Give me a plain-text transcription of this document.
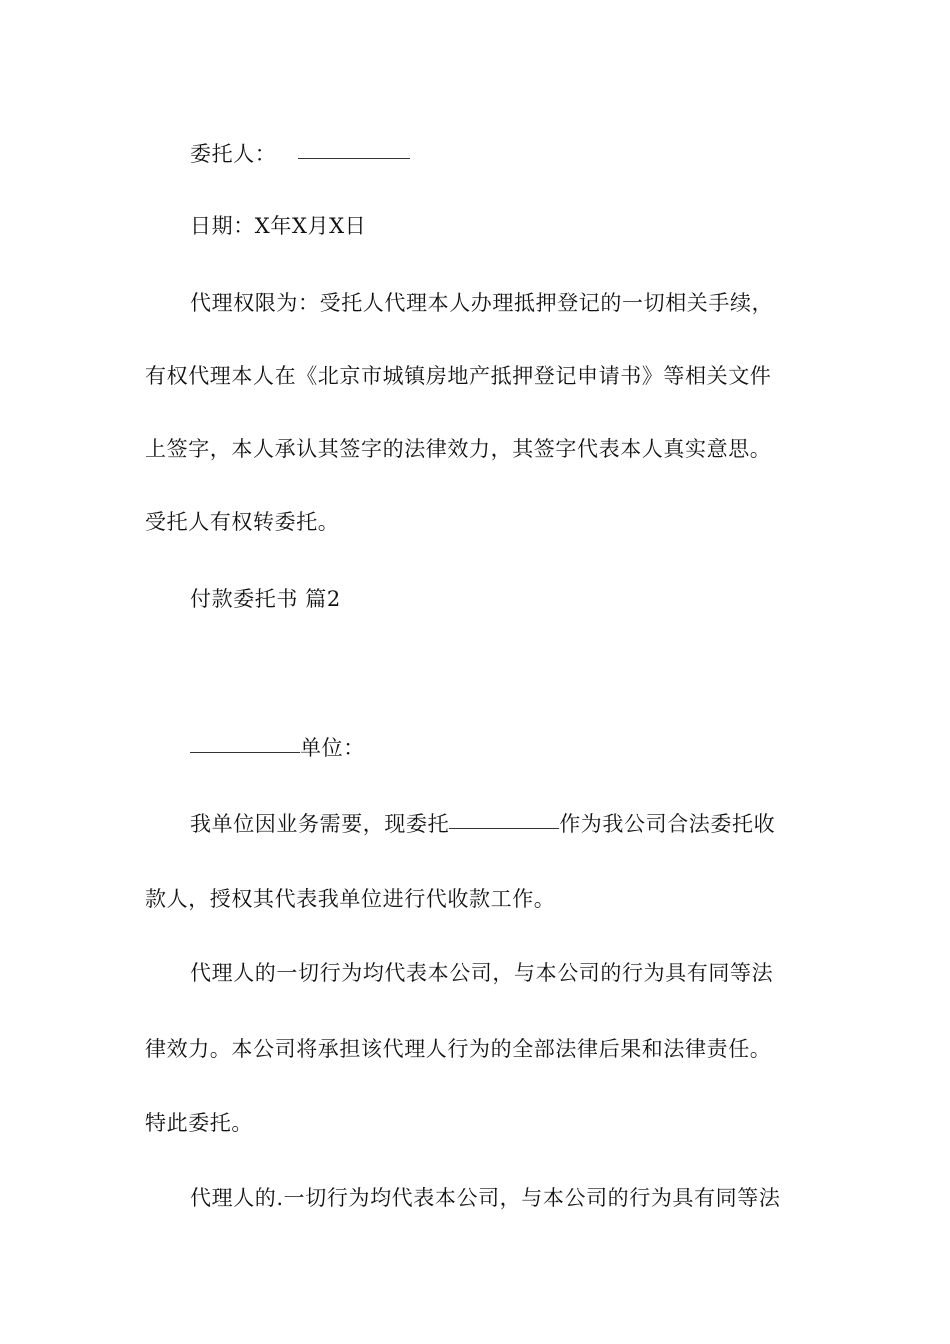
委托人：
日期：X年X月X日
代理权限为：受托人代理本人办理抵押登记的一切相关手续，
有权代理本人在《北京市城镇房地产抵押登记申请书》等相关文件
上签字，本人承认其签字的法律效力，其签字代表本人真实意思。
受托人有权转委托。
付款委托书 篇2
单位：
我单位因业务需要，现委托	作为我公司合法委托收
款人，授权其代表我单位进行代收款工作。
代理人的一切行为均代表本公司，与本公司的行为具有同等法
律效力。本公司将承担该代理人行为的全部法律后果和法律责任。
特此委托。
代理人的.一切行为均代表本公司，与本公司的行为具有同等法
